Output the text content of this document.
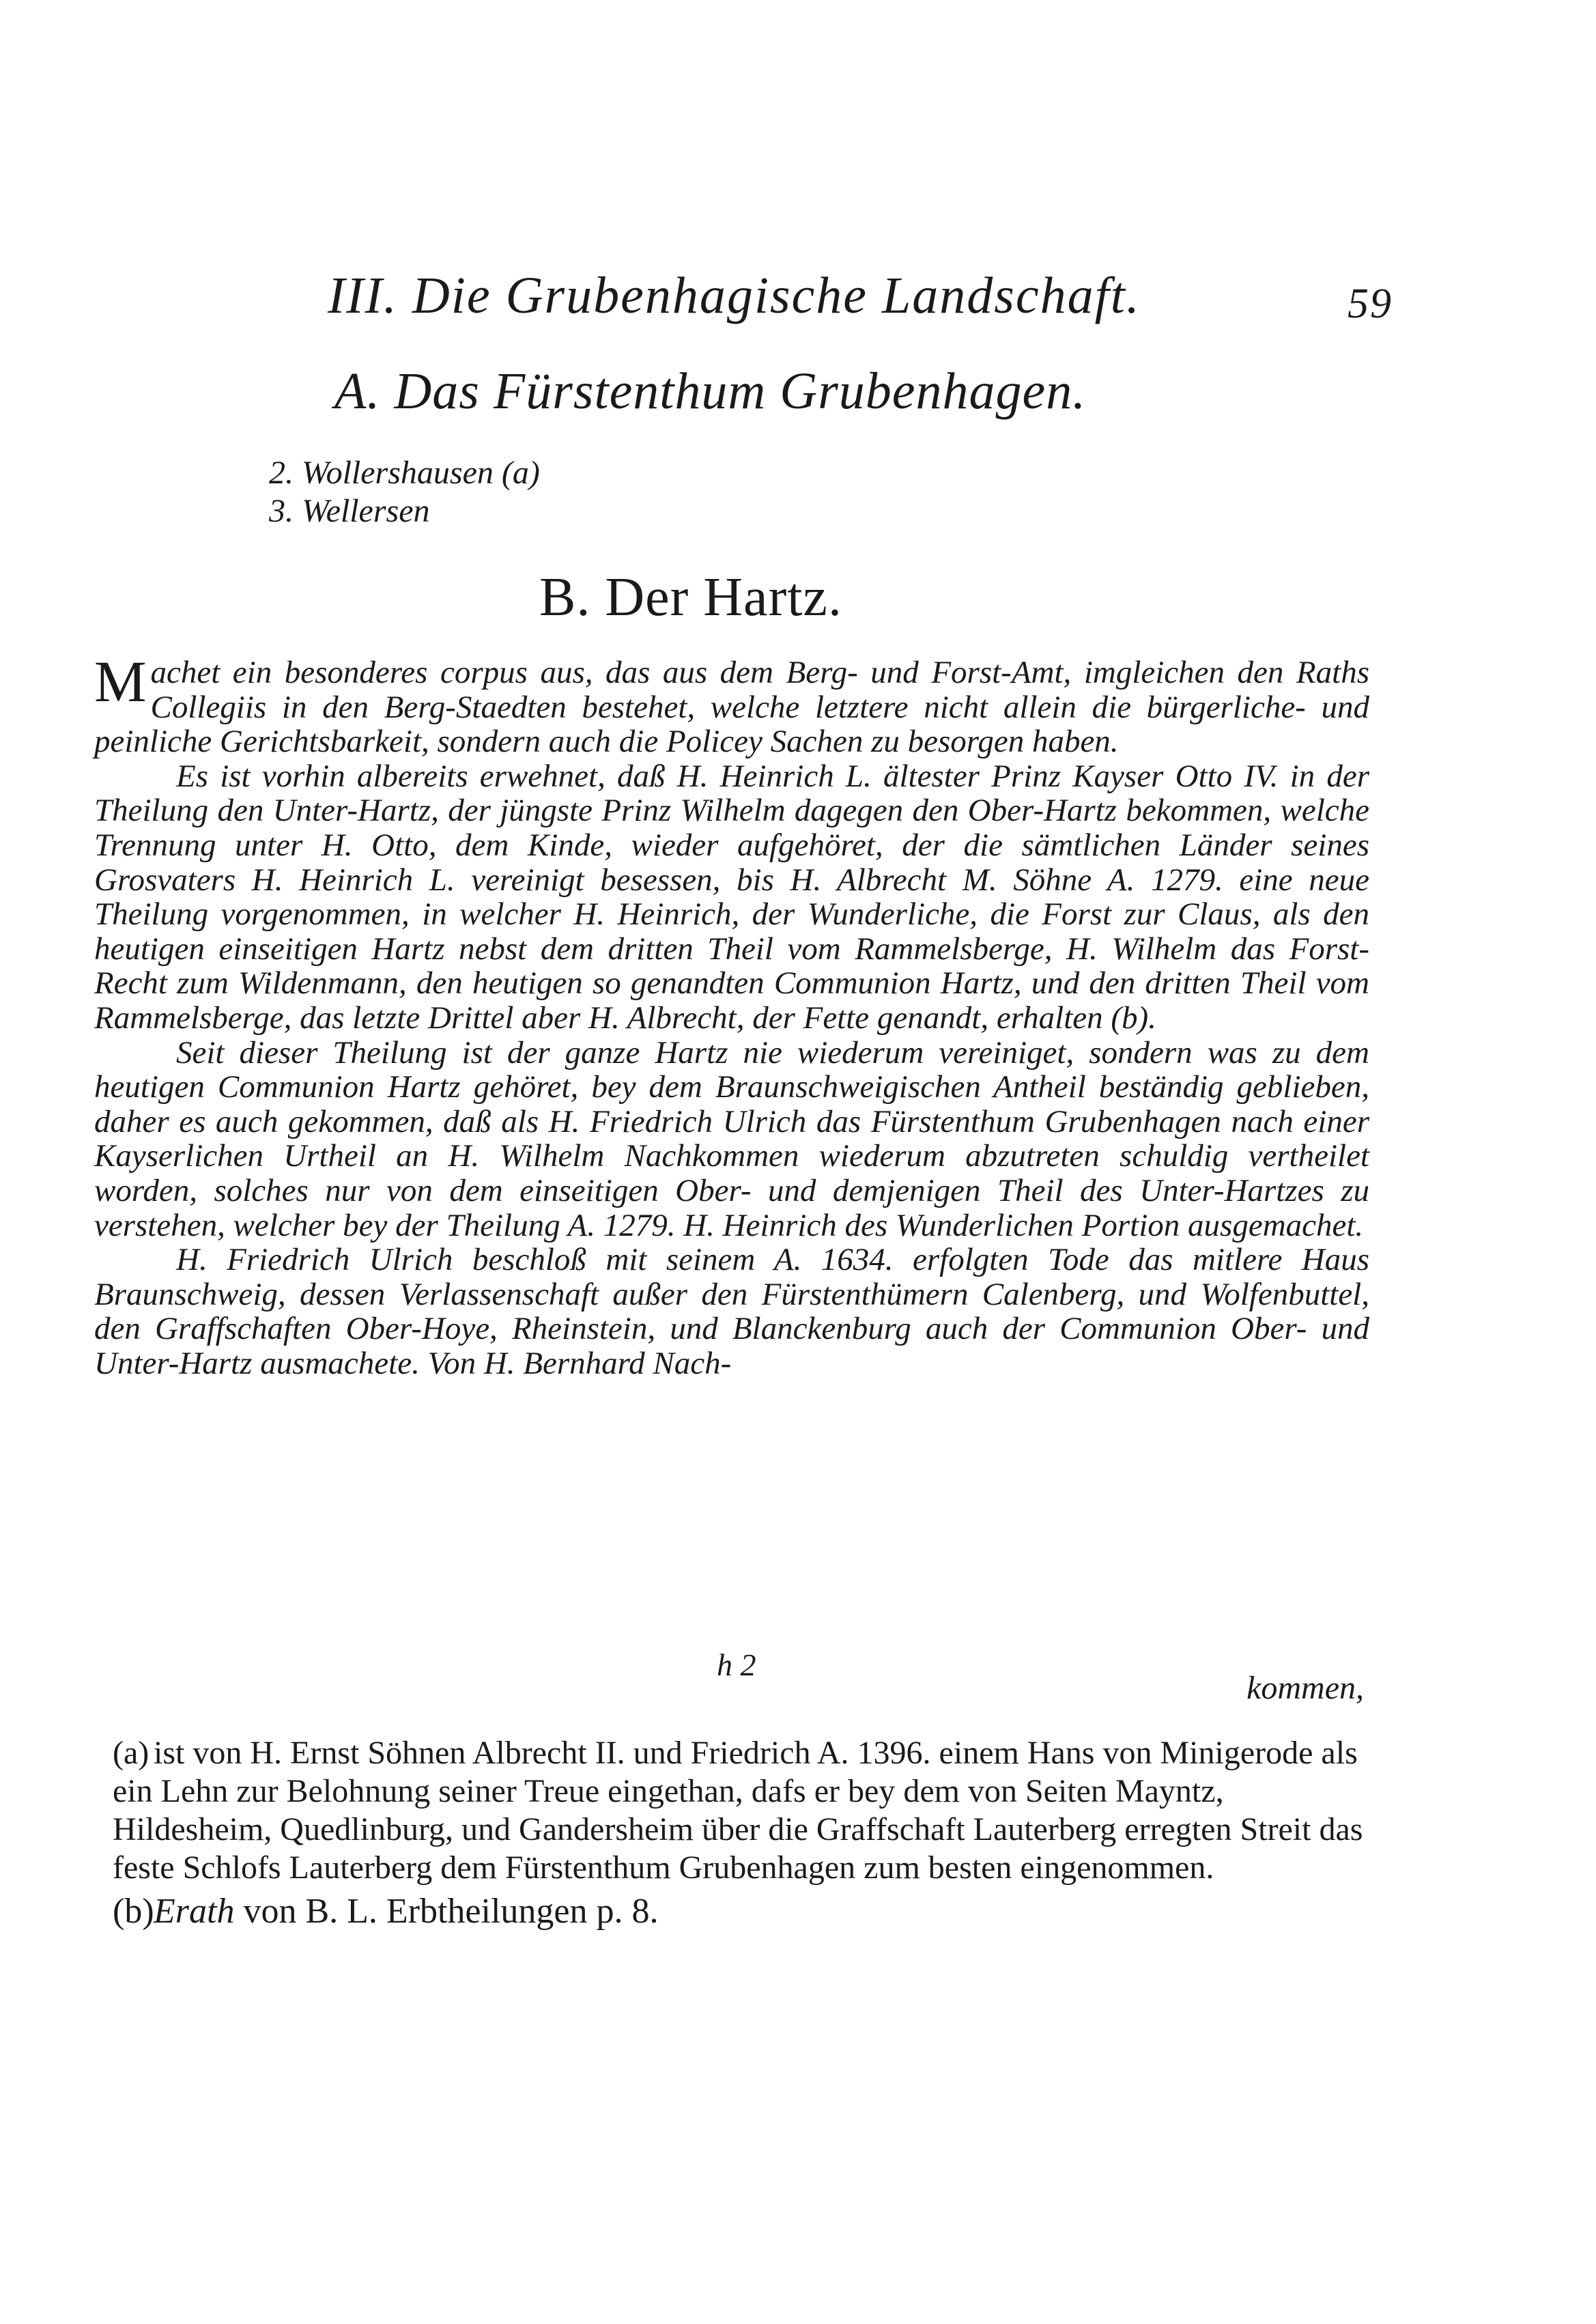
III. Die Grubenhagische Landschaft.	59
A. Das Fürstenthum Grubenhagen.
2. Wollershausen (a)
3. Wellersen
B. Der Hartz.

Machet ein besonderes corpus aus, das aus dem Berg- und Forst-Amt, imgleichen den Raths Collegiis in den Berg-Staedten bestehet, welche letztere nicht allein die bürgerliche- und peinliche Gerichtsbarkeit, sondern auch die Policey Sachen zu besorgen haben.

Es ist vorhin albereits erwehnet, daß H. Heinrich L. ältester Prinz Kayser Otto IV. in der Theilung den Unter-Hartz, der jüngste Prinz Wilhelm dagegen den Ober-Hartz bekommen, welche Trennung unter H. Otto, dem Kinde, wieder aufgehöret, der die sämtlichen Länder seines Grosvaters H. Heinrich L. vereinigt besessen, bis H. Albrecht M. Söhne A. 1279. eine neue Theilung vorgenommen, in welcher H. Heinrich, der Wunderliche, die Forst zur Claus, als den heutigen einseitigen Hartz nebst dem dritten Theil vom Rammelsberge, H. Wilhelm das Forst-Recht zum Wildenmann, den heutigen so genandten Communion Hartz, und den dritten Theil vom Rammelsberge, das letzte Drittel aber H. Albrecht, der Fette genandt, erhalten (b).

Seit dieser Theilung ist der ganze Hartz nie wiederum vereiniget, sondern was zu dem heutigen Communion Hartz gehöret, bey dem Braunschweigischen Antheil beständig geblieben, daher es auch gekommen, daß als H. Friedrich Ulrich das Fürstenthum Grubenhagen nach einer Kayserlichen Urtheil an H. Wilhelm Nachkommen wiederum abzutreten schuldig vertheilet worden, solches nur von dem einseitigen Ober- und demjenigen Theil des Unter-Hartzes zu verstehen, welcher bey der Theilung A. 1279. H. Heinrich des Wunderlichen Portion ausgemachet.

H. Friedrich Ulrich beschloß mit seinem A. 1634. erfolgten Tode das mitlere Haus Braunschweig, dessen Verlassenschaft außer den Fürstenthümern Calenberg, und Wolfenbuttel, den Graffschaften Ober-Hoye, Rheinstein, und Blanckenburg auch der Communion Ober- und Unter-Hartz ausmachete. Von H. Bernhard Nach-

h 2
kommen,

(a) ist von H. Ernst Söhnen Albrecht II. und Friedrich A. 1396. einem Hans von Minigerode als ein Lehn zur Belohnung seiner Treue eingethan, dafs er bey dem von Seiten Mayntz, Hildesheim, Quedlinburg, und Gandersheim über die Graffschaft Lauterberg erregten Streit das feste Schlofs Lauterberg dem Fürstenthum Grubenhagen zum besten eingenommen.

(b)Erath von B. L. Erbtheilungen p. 8.
